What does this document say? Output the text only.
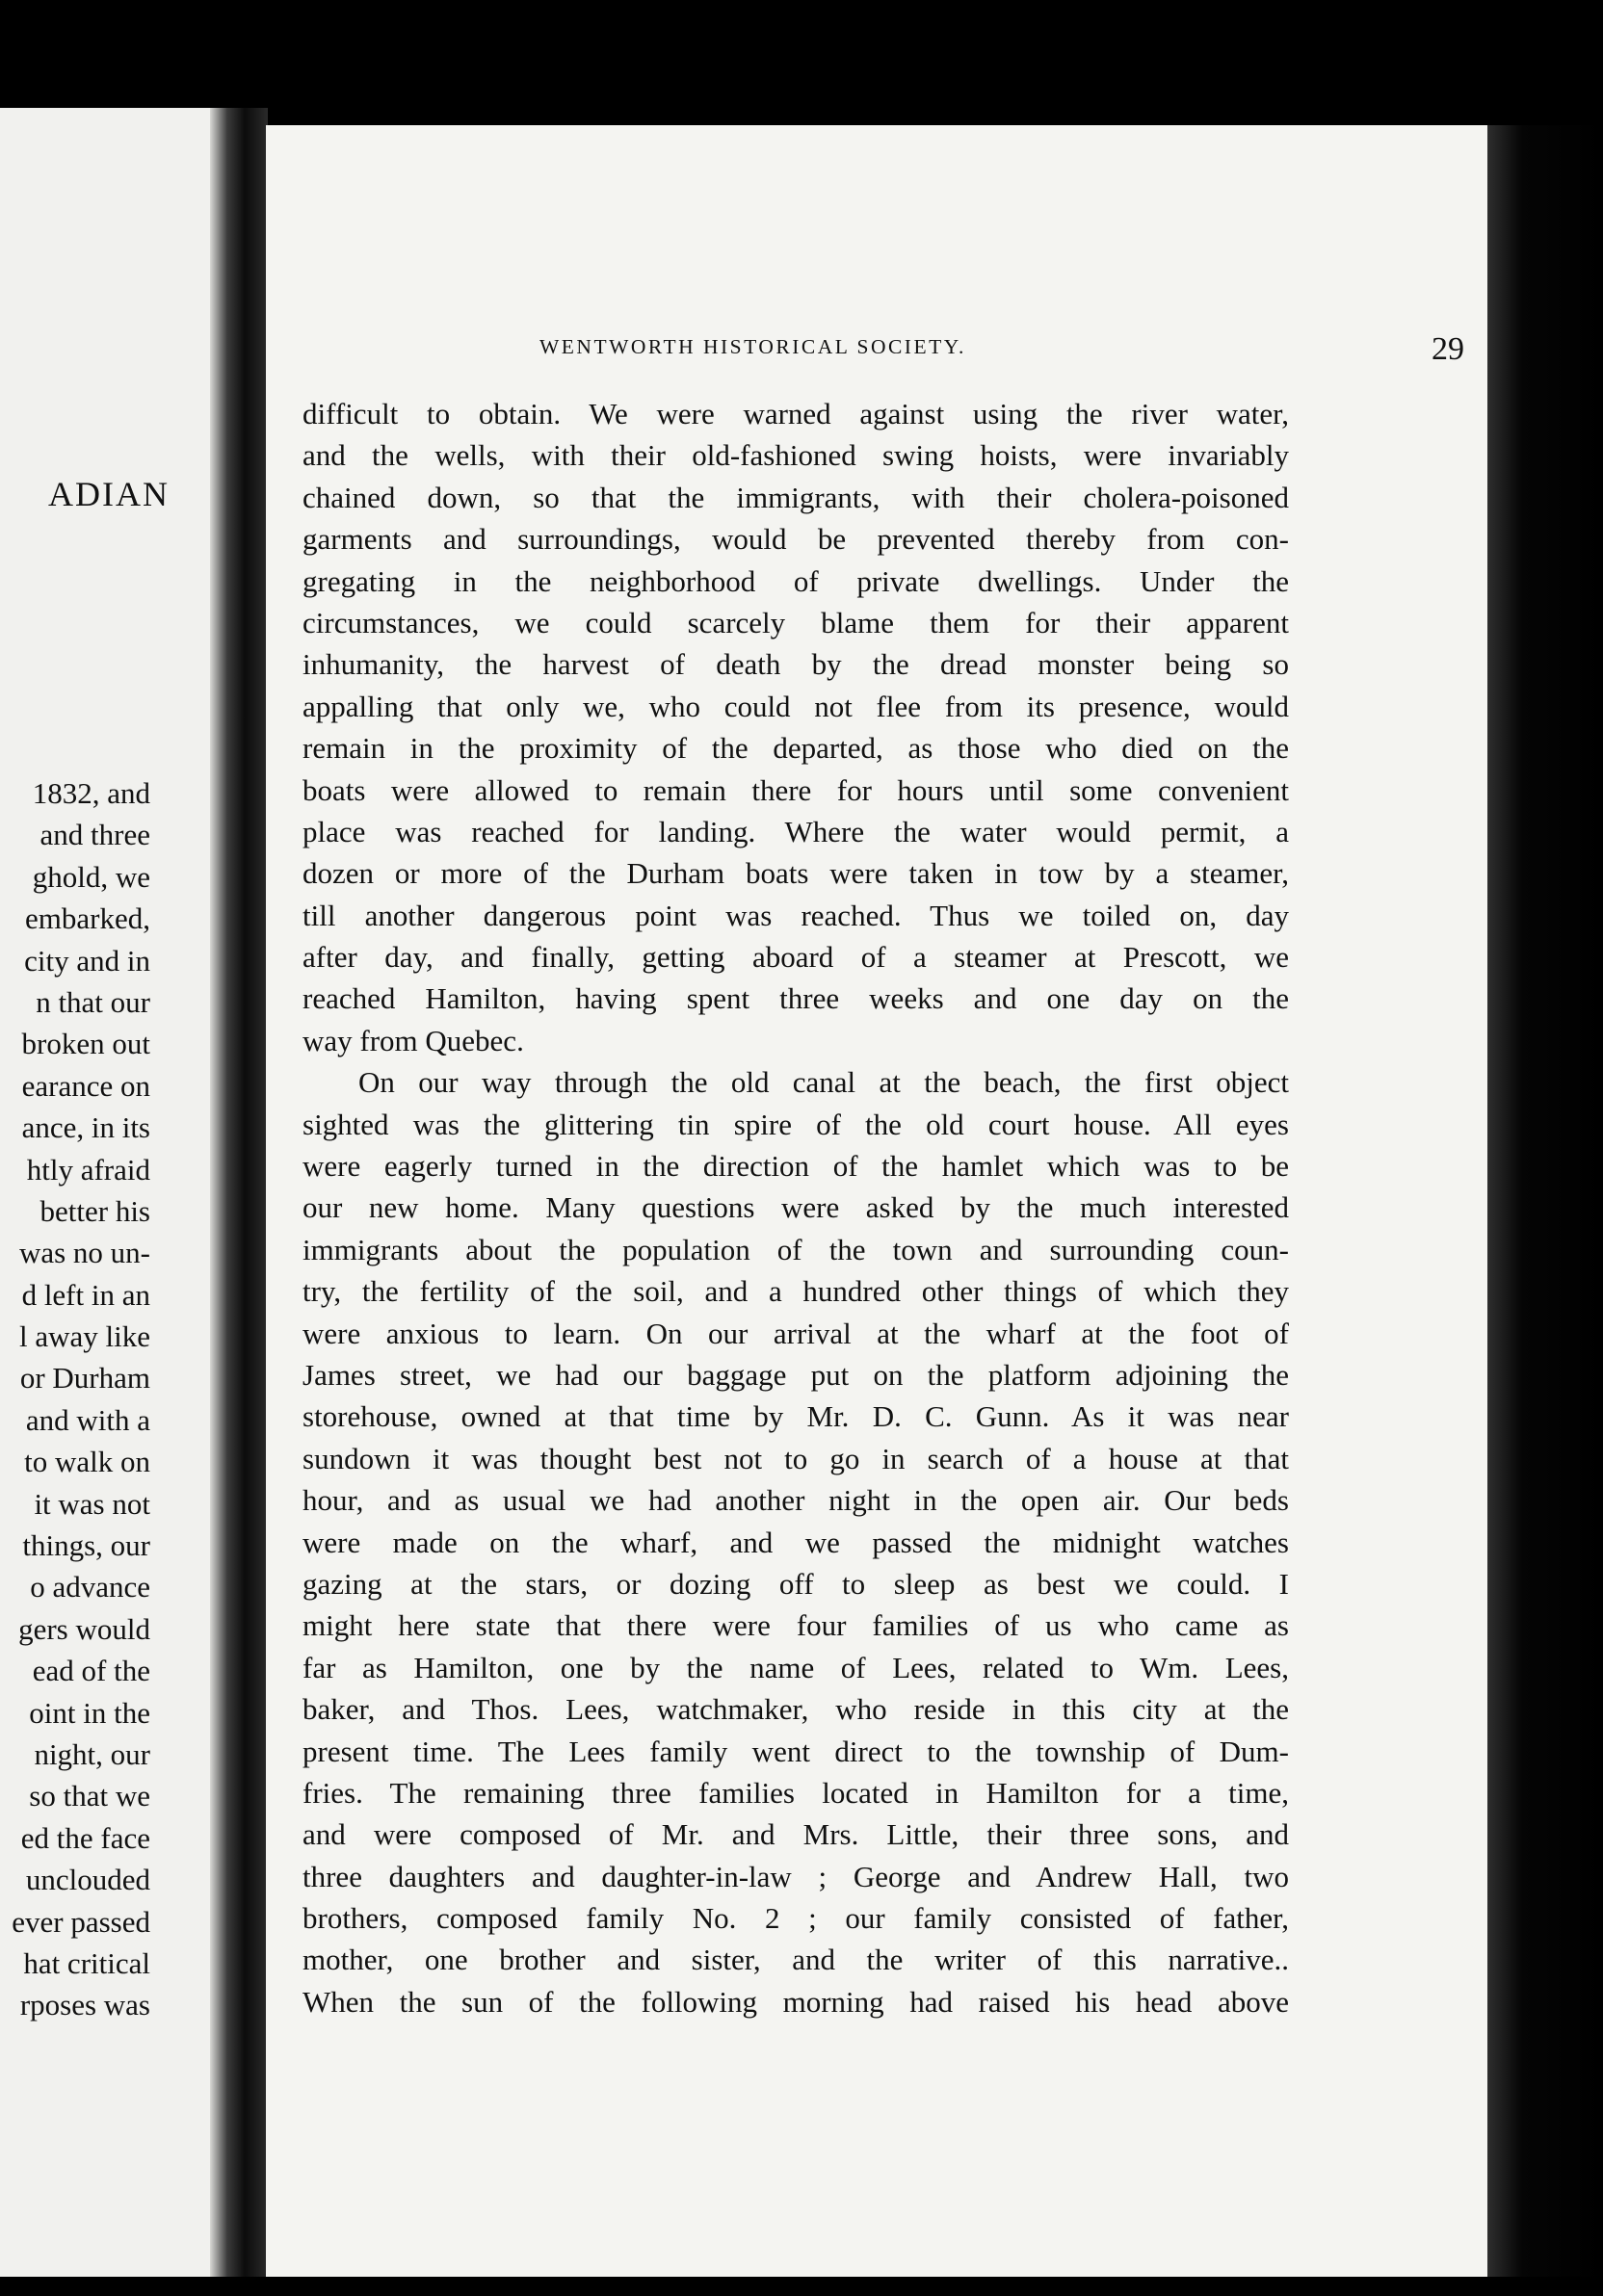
ADIAN
1832, and
and three
ghold, we
embarked,
city and in
n that our
broken out
earance on
ance, in its
htly afraid
better his
was no un-
d left in an
l away like
or Durham
and with a
to walk on
it was not
things, our
o advance
gers would
ead of the
oint in the
night, our
so that we
ed the face
unclouded
ever passed
hat critical
rposes was
WENTWORTH HISTORICAL SOCIETY.	29
difficult to obtain. We were warned against using the river water,
and the wells, with their old-fashioned swing hoists, were invariably
chained down, so that the immigrants, with their cholera-poisoned
garments and surroundings, would be prevented thereby from con-
gregating in the neighborhood of private dwellings. Under the
circumstances, we could scarcely blame them for their apparent
inhumanity, the harvest of death by the dread monster being so
appalling that only we, who could not flee from its presence, would
remain in the proximity of the departed, as those who died on the
boats were allowed to remain there for hours until some convenient
place was reached for landing. Where the water would permit, a
dozen or more of the Durham boats were taken in tow by a steamer,
till another dangerous point was reached. Thus we toiled on, day
after day, and finally, getting aboard of a steamer at Prescott, we
reached Hamilton, having spent three weeks and one day on the
way from Quebec.
On our way through the old canal at the beach, the first object
sighted was the glittering tin spire of the old court house. All eyes
were eagerly turned in the direction of the hamlet which was to be
our new home. Many questions were asked by the much interested
immigrants about the population of the town and surrounding coun-
try, the fertility of the soil, and a hundred other things of which they
were anxious to learn. On our arrival at the wharf at the foot of
James street, we had our baggage put on the platform adjoining the
storehouse, owned at that time by Mr. D. C. Gunn. As it was near
sundown it was thought best not to go in search of a house at that
hour, and as usual we had another night in the open air. Our beds
were made on the wharf, and we passed the midnight watches
gazing at the stars, or dozing off to sleep as best we could. I
might here state that there were four families of us who came as
far as Hamilton, one by the name of Lees, related to Wm. Lees,
baker, and Thos. Lees, watchmaker, who reside in this city at the
present time. The Lees family went direct to the township of Dum-
fries. The remaining three families located in Hamilton for a time,
and were composed of Mr. and Mrs. Little, their three sons, and
three daughters and daughter-in-law ; George and Andrew Hall, two
brothers, composed family No. 2 ; our family consisted of father,
mother, one brother and sister, and the writer of this narrative..
When the sun of the following morning had raised his head above
